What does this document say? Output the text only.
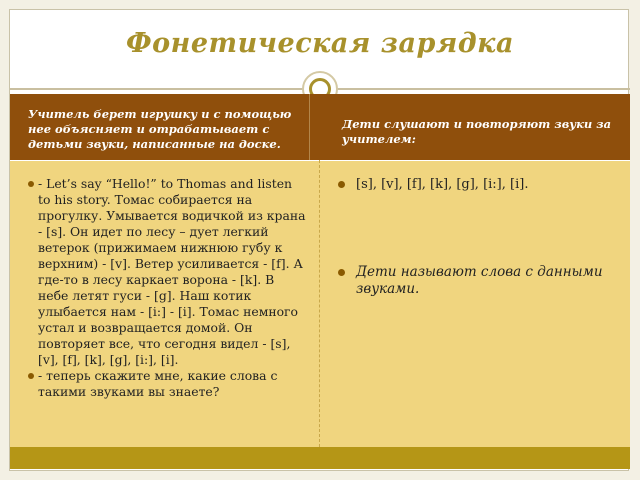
Фонетическая зарядка
Учитель берет игрушку и с помощью нее объясняет и отрабатывает с детьми звуки, написанные на доске.
Дети слушают и повторяют звуки за учителем:
- Let’s say “Hello!” to Thomas and listen to his story. Томас собирается на прогулку. Умывается водичкой из крана - [s]. Он идет по лесу – дует легкий ветерок (прижимаем нижнюю губу к верхним) - [v]. Ветер усиливается - [f]. А где-то в лесу каркает ворона - [k]. В небе летят гуси - [g]. Наш котик улыбается нам - [i:] - [i]. Томас немного устал и возвращается домой. Он повторяет все, что сегодня видел - [s], [v], [f], [k], [g], [i:], [i].
- теперь скажите мне, какие слова с такими звуками вы знаете?
[s], [v], [f], [k], [g], [i:], [i].
Дети называют слова с данными звуками.
